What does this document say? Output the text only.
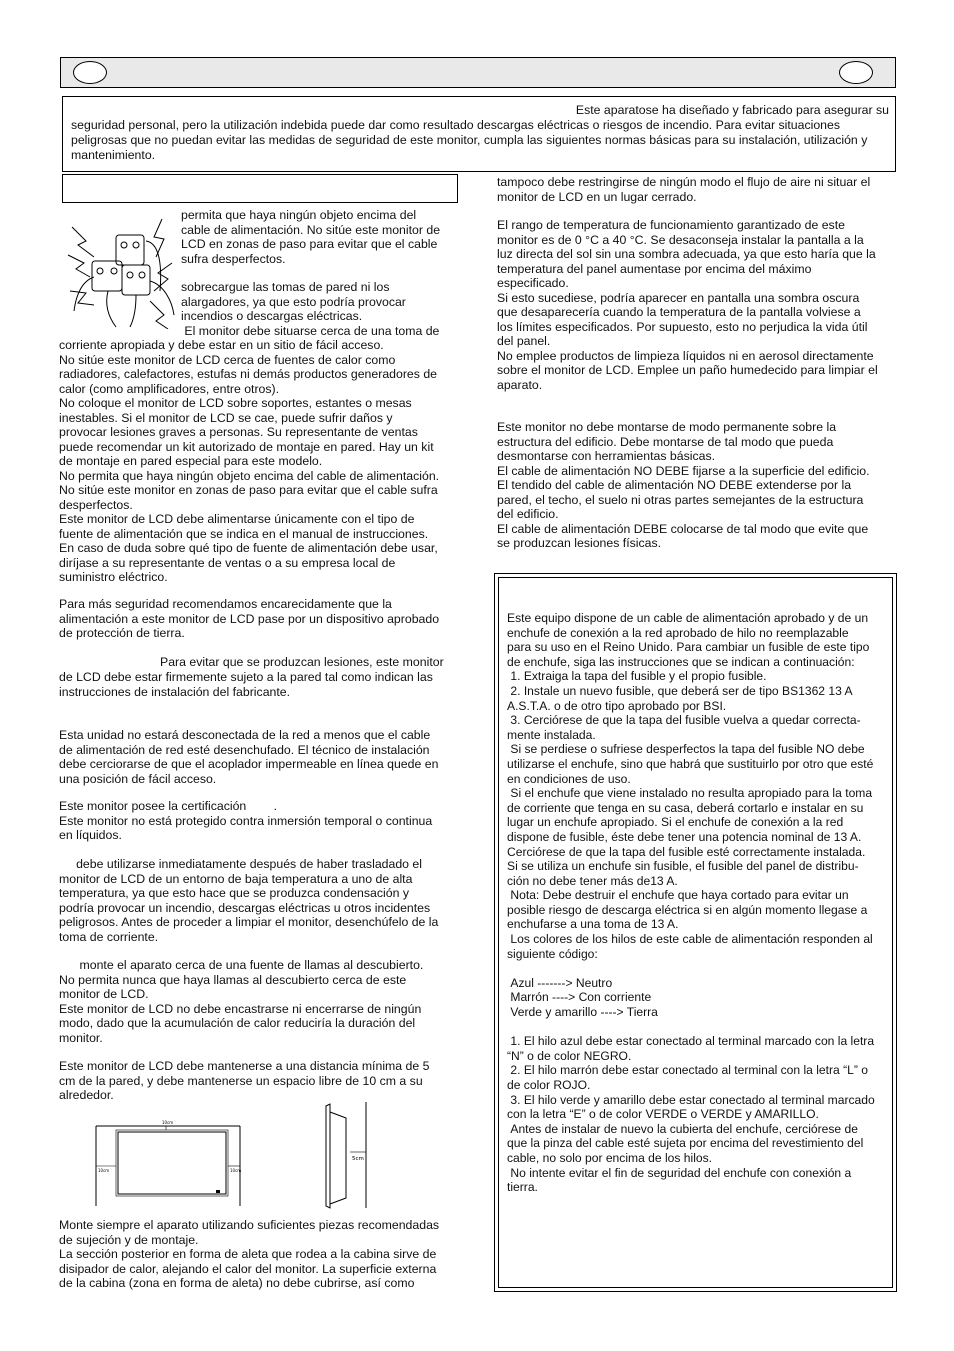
Este aparatose ha diseñado y fabricado para asegurar su
seguridad personal, pero la utilización indebida puede dar como resultado descargas eléctricas o riesgos de incendio. Para evitar situaciones peligrosas que no puedan evitar las medidas de seguridad de este monitor, cumpla las siguientes normas básicas para su instalación, utilización y mantenimiento.

permita que haya ningún objeto encima del
cable de alimentación. No sitúe este monitor de
LCD en zonas de paso para evitar que el cable
sufra desperfectos.

sobrecargue las tomas de pared ni los
alargadores, ya que esto podría provocar
incendios o descargas eléctricas.
El monitor debe situarse cerca de una toma de

corriente apropiada y debe estar en un sitio de fácil acceso.
No sitúe este monitor de LCD cerca de fuentes de calor como
radiadores, calefactores, estufas ni demás productos generadores de
calor (como amplificadores, entre otros).
No coloque el monitor de LCD sobre soportes, estantes o mesas
inestables. Si el monitor de LCD se cae, puede sufrir daños y
provocar lesiones graves a personas. Su representante de ventas
puede recomendar un kit autorizado de montaje en pared. Hay un kit
de montaje en pared especial para este modelo.
No permita que haya ningún objeto encima del cable de alimentación.
No sitúe este monitor en zonas de paso para evitar que el cable sufra
desperfectos.
Este monitor de LCD debe alimentarse únicamente con el tipo de
fuente de alimentación que se indica en el manual de instrucciones.
En caso de duda sobre qué tipo de fuente de alimentación debe usar,
diríjase a su representante de ventas o a su empresa local de
suministro eléctrico.

Para más seguridad recomendamos encarecidamente que la
alimentación a este monitor de LCD pase por un dispositivo aprobado
de protección de tierra.

Para evitar que se produzcan lesiones, este monitor

de LCD debe estar firmemente sujeto a la pared tal como indican las
instrucciones de instalación del fabricante.

Esta unidad no estará desconectada de la red a menos que el cable
de alimentación de red esté desenchufado. El técnico de instalación
debe cerciorarse de que el acoplador impermeable en línea quede en
una posición de fácil acceso.

Este monitor posee la certificación        .
Este monitor no está protegido contra inmersión temporal o continua
en líquidos.

debe utilizarse inmediatamente después de haber trasladado el
monitor de LCD de un entorno de baja temperatura a uno de alta
temperatura, ya que esto hace que se produzca condensación y
podría provocar un incendio, descargas eléctricas u otros incidentes
peligrosos. Antes de proceder a limpiar el monitor, desenchúfelo de la
toma de corriente.

monte el aparato cerca de una fuente de llamas al descubierto.
No permita nunca que haya llamas al descubierto cerca de este
monitor de LCD.
Este monitor de LCD no debe encastrarse ni encerrarse de ningún
modo, dado que la acumulación de calor reduciría la duración del
monitor.

Este monitor de LCD debe mantenerse a una distancia mínima de 5
cm de la pared, y debe mantenerse un espacio libre de 10 cm a su
alrededor.

Monte siempre el aparato utilizando suficientes piezas recomendadas
de sujeción y de montaje.
La sección posterior en forma de aleta que rodea a la cabina sirve de
disipador de calor, alejando el calor del monitor. La superficie externa
de la cabina (zona en forma de aleta) no debe cubrirse, así como

10cm
10cm	10cm
5cm

tampoco debe restringirse de ningún modo el flujo de aire ni situar el
monitor de LCD en un lugar cerrado.

El rango de temperatura de funcionamiento garantizado de este
monitor es de 0 °C a 40 °C. Se desaconseja instalar la pantalla a la
luz directa del sol sin una sombra adecuada, ya que esto haría que la
temperatura del panel aumentase por encima del máximo
especificado.
Si esto sucediese, podría aparecer en pantalla una sombra oscura
que desaparecería cuando la temperatura de la pantalla volviese a
los límites especificados. Por supuesto, esto no perjudica la vida útil
del panel.
No emplee productos de limpieza líquidos ni en aerosol directamente
sobre el monitor de LCD. Emplee un paño humedecido para limpiar el
aparato.

Este monitor no debe montarse de modo permanente sobre la
estructura del edificio. Debe montarse de tal modo que pueda
desmontarse con herramientas básicas.
El cable de alimentación NO DEBE fijarse a la superficie del edificio.
El tendido del cable de alimentación NO DEBE extenderse por la
pared, el techo, el suelo ni otras partes semejantes de la estructura
del edificio.
El cable de alimentación DEBE colocarse de tal modo que evite que
se produzcan lesiones físicas.

Este equipo dispone de un cable de alimentación aprobado y de un
enchufe de conexión a la red aprobado de hilo no reemplazable
para su uso en el Reino Unido. Para cambiar un fusible de este tipo
de enchufe, siga las instrucciones que se indican a continuación:
1. Extraiga la tapa del fusible y el propio fusible.
2. Instale un nuevo fusible, que deberá ser de tipo BS1362 13 A
A.S.T.A. o de otro tipo aprobado por BSI.
3. Cerciórese de que la tapa del fusible vuelva a quedar correcta-
mente instalada.
Si se perdiese o sufriese desperfectos la tapa del fusible NO debe
utilizarse el enchufe, sino que habrá que sustituirlo por otro que esté
en condiciones de uso.
Si el enchufe que viene instalado no resulta apropiado para la toma
de corriente que tenga en su casa, deberá cortarlo e instalar en su
lugar un enchufe apropiado. Si el enchufe de conexión a la red
dispone de fusible, éste debe tener una potencia nominal de 13 A.
Cerciórese de que la tapa del fusible esté correctamente instalada.
Si se utiliza un enchufe sin fusible, el fusible del panel de distribu-
ción no debe tener más de13 A.
Nota: Debe destruir el enchufe que haya cortado para evitar un
posible riesgo de descarga eléctrica si en algún momento llegase a
enchufarse a una toma de 13 A.
Los colores de los hilos de este cable de alimentación responden al
siguiente código:

Azul -------> Neutro
Marrón ----> Con corriente
Verde y amarillo ----> Tierra

1. El hilo azul debe estar conectado al terminal marcado con la letra
“N” o de color NEGRO.
2. El hilo marrón debe estar conectado al terminal con la letra “L” o
de color ROJO.
3. El hilo verde y amarillo debe estar conectado al terminal marcado
con la letra “E” o de color VERDE o VERDE y AMARILLO.
Antes de instalar de nuevo la cubierta del enchufe, cerciórese de
que la pinza del cable esté sujeta por encima del revestimiento del
cable, no solo por encima de los hilos.
No intente evitar el fin de seguridad del enchufe con conexión a
tierra.
